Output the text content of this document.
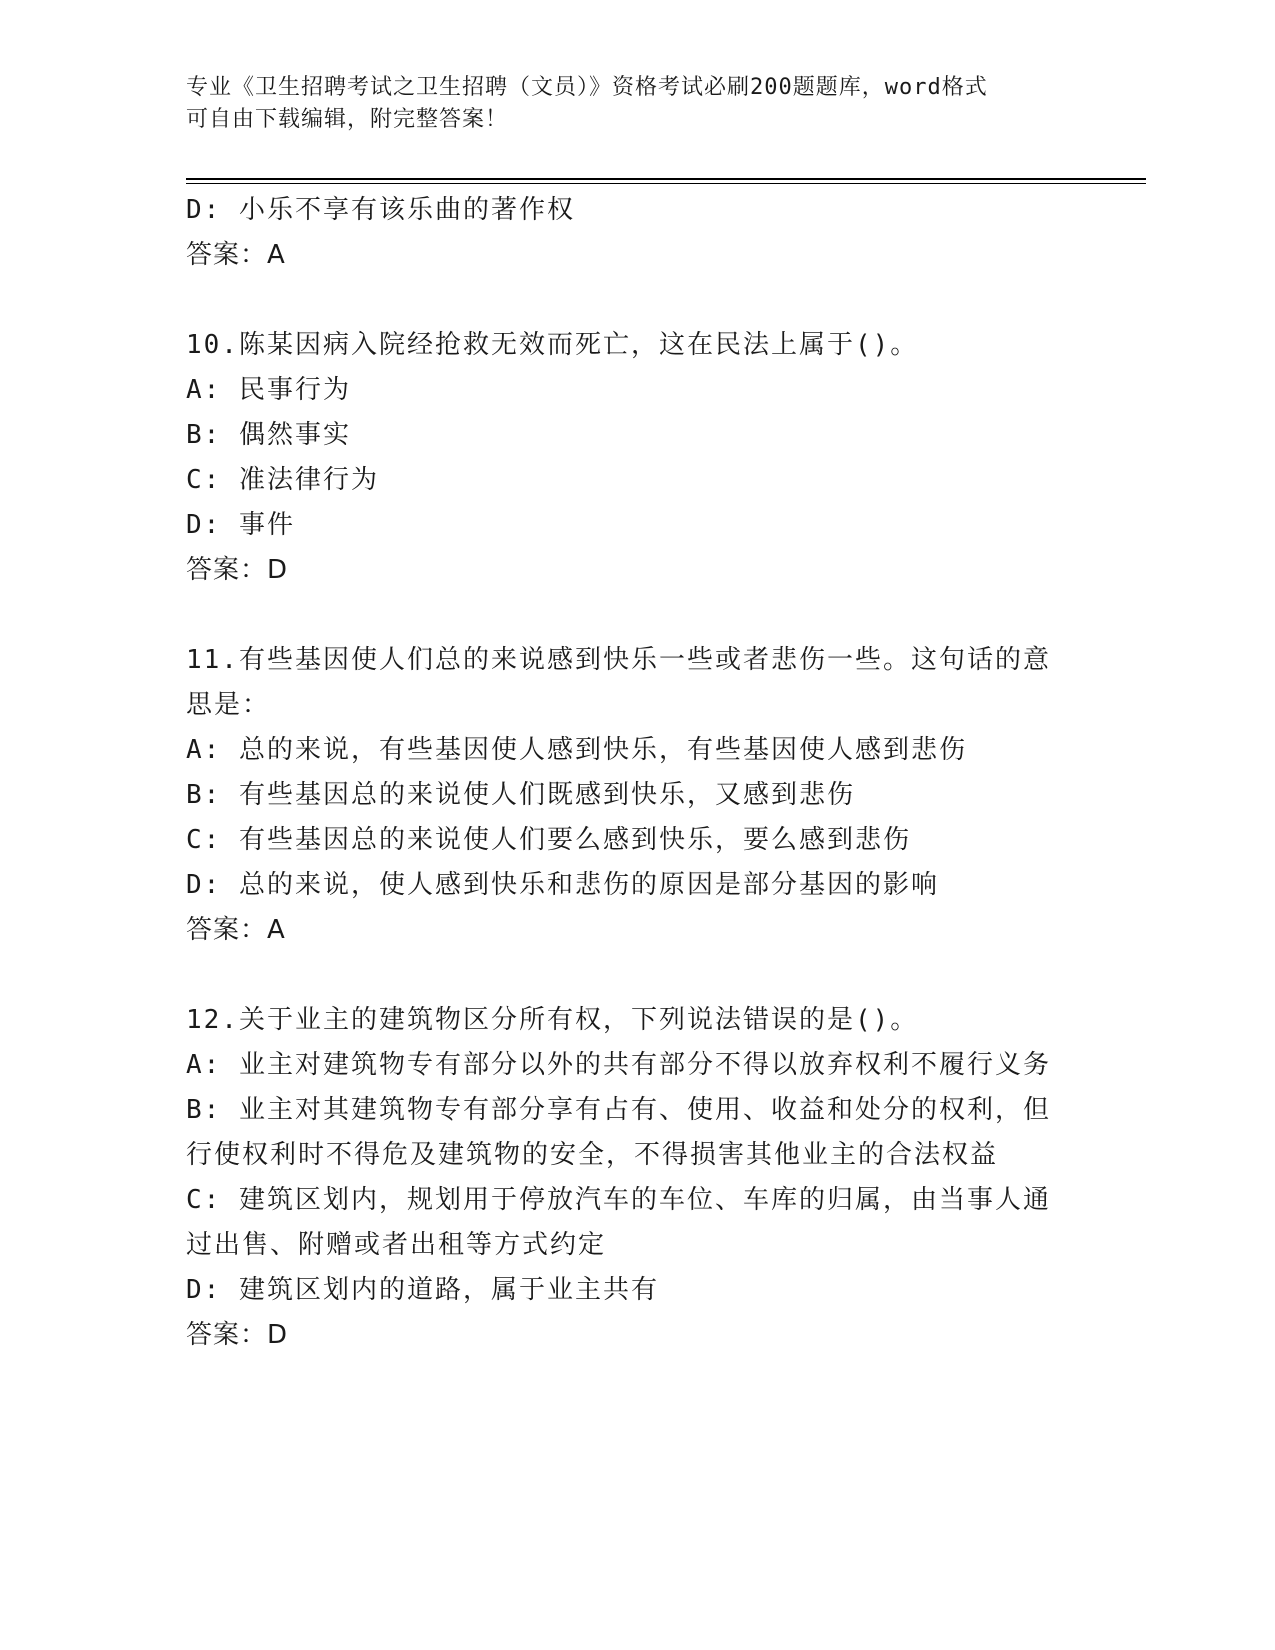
专业《卫生招聘考试之卫生招聘（文员）》资格考试必刷200题题库，word格式
可自由下载编辑，附完整答案！

D: 小乐不享有该乐曲的著作权

答案：A

10.陈某因病入院经抢救无效而死亡，这在民法上属于()。

A: 民事行为

B: 偶然事实

C: 准法律行为

D: 事件

答案：D

11.有些基因使人们总的来说感到快乐一些或者悲伤一些。这句话的意思是：

A: 总的来说，有些基因使人感到快乐，有些基因使人感到悲伤

B: 有些基因总的来说使人们既感到快乐，又感到悲伤

C: 有些基因总的来说使人们要么感到快乐，要么感到悲伤

D: 总的来说，使人感到快乐和悲伤的原因是部分基因的影响

答案：A

12.关于业主的建筑物区分所有权，下列说法错误的是()。

A: 业主对建筑物专有部分以外的共有部分不得以放弃权利不履行义务

B: 业主对其建筑物专有部分享有占有、使用、收益和处分的权利，但行使权利时不得危及建筑物的安全，不得损害其他业主的合法权益

C: 建筑区划内，规划用于停放汽车的车位、车库的归属，由当事人通过出售、附赠或者出租等方式约定

D: 建筑区划内的道路，属于业主共有

答案：D
